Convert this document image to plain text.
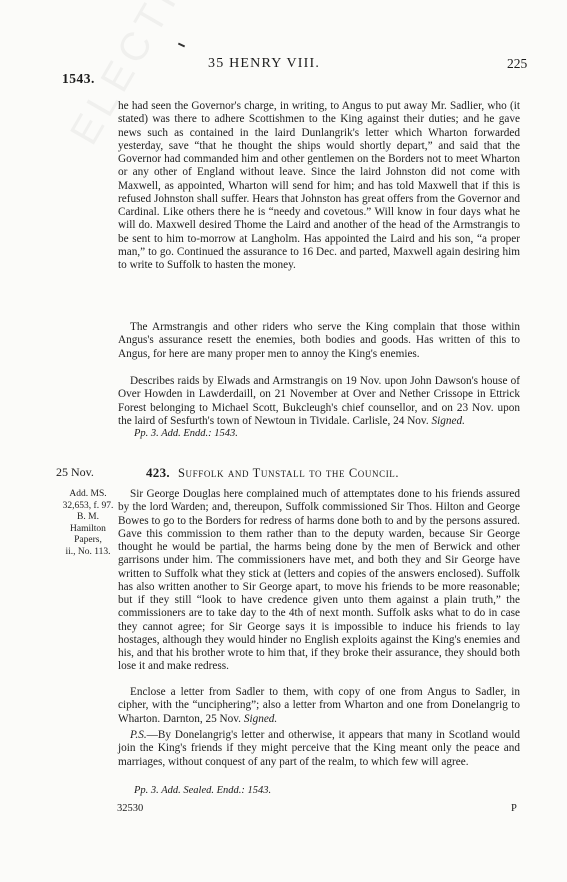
35 HENRY VIII.	225
1543.

he had seen the Governor's charge, in writing, to Angus to put away Mr. Sadlier, who (it stated) was there to adhere Scottishmen to the King against their duties; and he gave news such as contained in the laird Dunlangrik's letter which Wharton forwarded yesterday, save “that he thought the ships would shortly depart,” and said that the Governor had commanded him and other gentlemen on the Borders not to meet Wharton or any other of England without leave. Since the laird Johnston did not come with Maxwell, as appointed, Wharton will send for him; and has told Maxwell that if this is refused Johnston shall suffer. Hears that Johnston has great offers from the Governor and Cardinal. Like others there he is “needy and covetous.” Will know in four days what he will do. Maxwell desired Thome the Laird and another of the head of the Armstrangis to be sent to him to-morrow at Langholm. Has appointed the Laird and his son, “a proper man,” to go. Continued the assurance to 16 Dec. and parted, Maxwell again desiring him to write to Suffolk to hasten the money.

The Armstrangis and other riders who serve the King complain that those within Angus's assurance resett the enemies, both bodies and goods. Has written of this to Angus, for here are many proper men to annoy the King's enemies.

Describes raids by Elwads and Armstrangis on 19 Nov. upon John Dawson's house of Over Howden in Lawderdaill, on 21 November at Over and Nether Crissope in Ettrick Forest belonging to Michael Scott, Bukcleugh's chief counsellor, and on 23 Nov. upon the laird of Sesfurth's town of Newtoun in Tividale. Carlisle, 24 Nov. Signed.

Pp. 3. Add. Endd.: 1543.
25 Nov.	423. Suffolk and Tunstall to the Council.
Add. MS.
32,653, f. 97.
B. M.
Hamilton
Papers,
ii., No. 113.

Sir George Douglas here complained much of attemptates done to his friends assured by the lord Warden; and, thereupon, Suffolk commissioned Sir Thos. Hilton and George Bowes to go to the Borders for redress of harms done both to and by the persons assured. Gave this commission to them rather than to the deputy warden, because Sir George thought he would be partial, the harms being done by the men of Berwick and other garrisons under him. The commissioners have met, and both they and Sir George have written to Suffolk what they stick at (letters and copies of the answers enclosed). Suffolk has also written another to Sir George apart, to move his friends to be more reasonable; but if they still “look to have credence given unto them against a plain truth,” the commissioners are to take day to the 4th of next month. Suffolk asks what to do in case they cannot agree; for Sir George says it is impossible to induce his friends to lay hostages, although they would hinder no English exploits against the King's enemies and his, and that his brother wrote to him that, if they broke their assurance, they should both lose it and make redress.

Enclose a letter from Sadler to them, with copy of one from Angus to Sadler, in cipher, with the “unciphering”; also a letter from Wharton and one from Donelangrig to Wharton. Darnton, 25 Nov. Signed.

P.S.—By Donelangrig's letter and otherwise, it appears that many in Scotland would join the King's friends if they might perceive that the King meant only the peace and marriages, without conquest of any part of the realm, to which few will agree.

Pp. 3. Add. Sealed. Endd.: 1543.
32530	P
